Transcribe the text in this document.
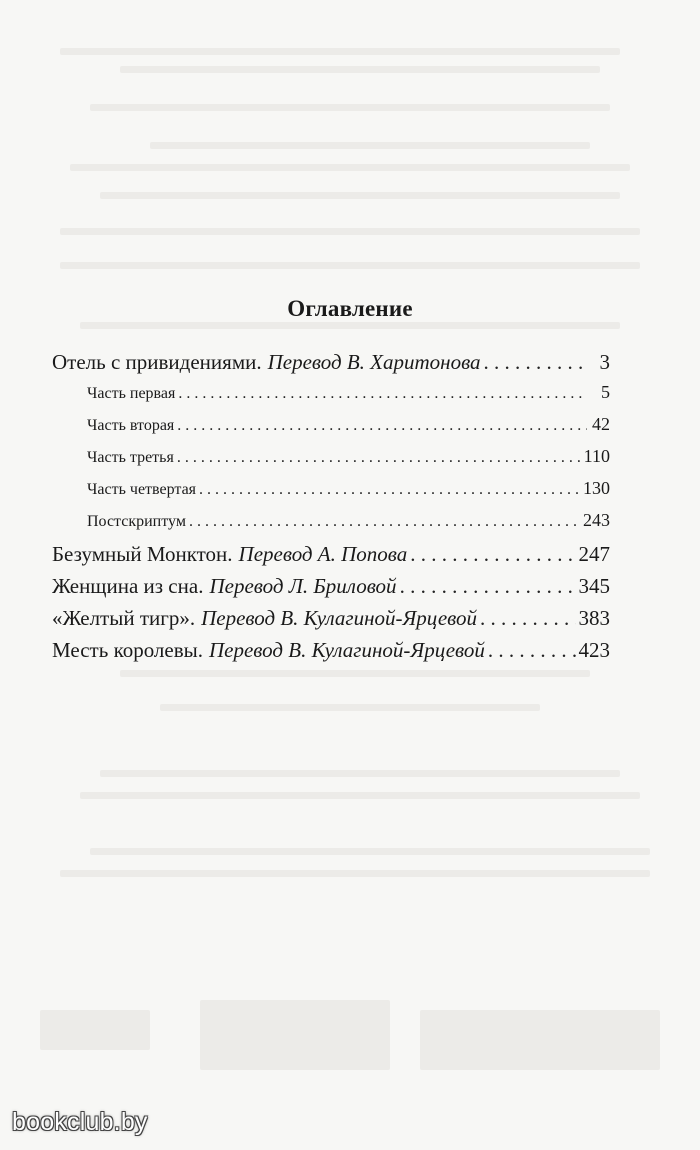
Оглавление
Отель с привидениями. Перевод В. Харитонова . . .	3
Часть первая . . .	5
Часть вторая . . .	42
Часть третья . . .	110
Часть четвертая . . .	130
Постскриптум . . .	243
Безумный Монктон. Перевод А. Попова . . .	247
Женщина из сна. Перевод Л. Бриловой . . .	345
«Желтый тигр». Перевод В. Кулагиной-Ярцевой . . .	383
Месть королевы. Перевод В. Кулагиной-Ярцевой . . .	423
bookclub.by
